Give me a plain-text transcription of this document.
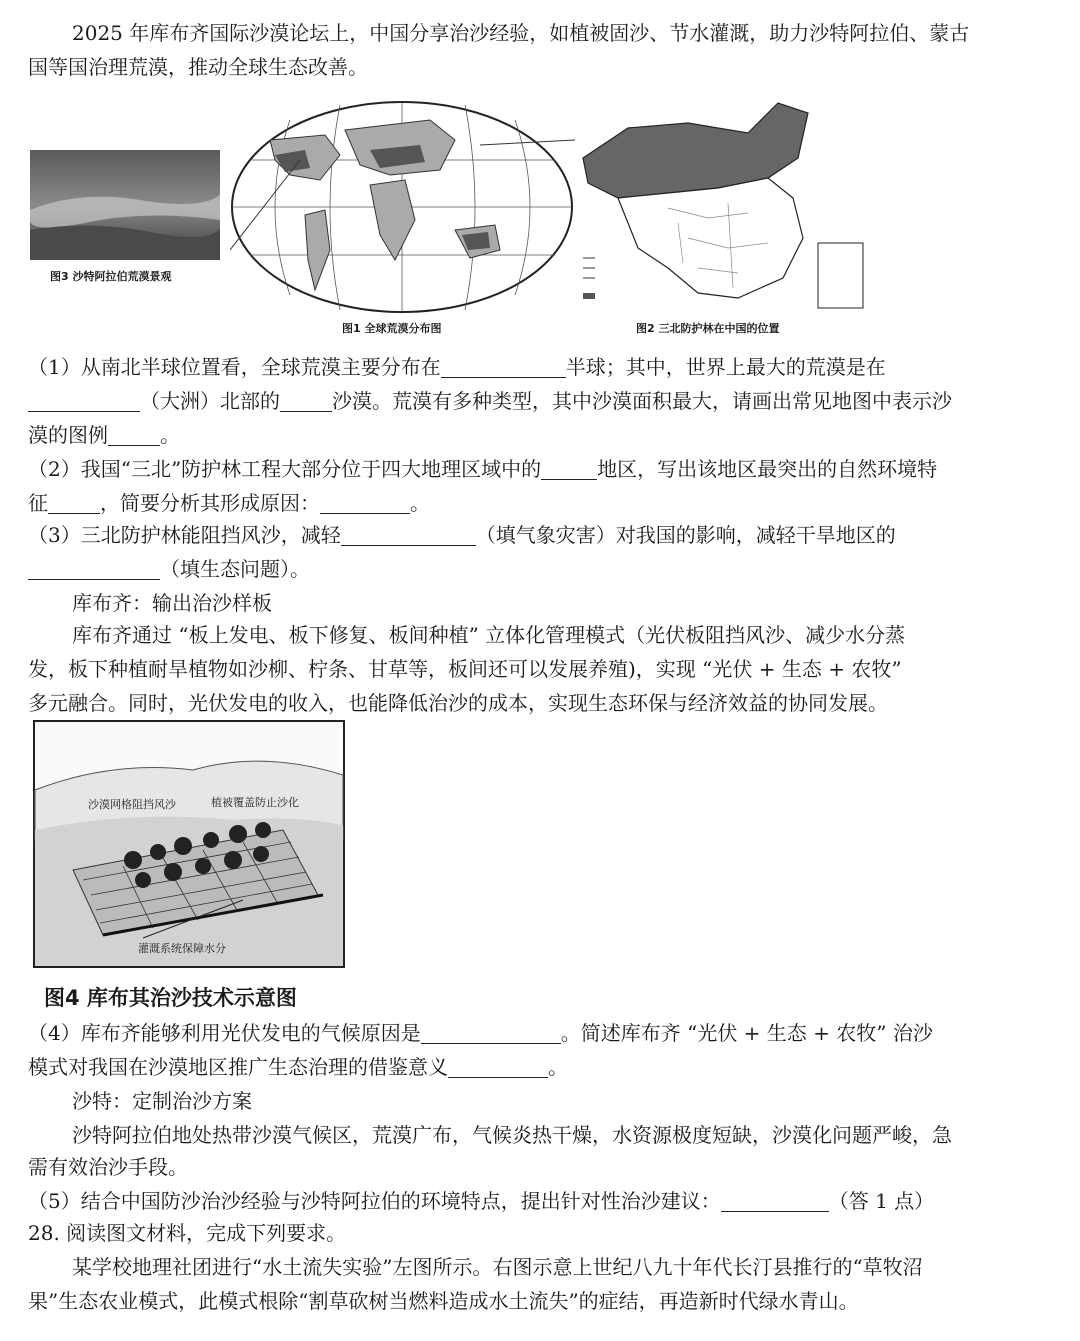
2025 年库布齐国际沙漠论坛上，中国分享治沙经验，如植被固沙、节水灌溉，助力沙特阿拉伯、蒙古
国等国治理荒漠，推动全球生态改善。
图3 沙特阿拉伯荒漠景观
图1 全球荒漠分布图	图2 三北防护林在中国的位置
（1）从南北半球位置看，全球荒漠主要分布在	半球；其中，世界上最大的荒漠是在
（大洲）北部的	沙漠。荒漠有多种类型，其中沙漠面积最大，请画出常见地图中表示沙
漠的图例	。
（2）我国“三北”防护林工程大部分位于四大地理区域中的	地区，写出该地区最突出的自然环境特
征	，简要分析其形成原因：	。
（3）三北防护林能阻挡风沙，减轻	（填气象灾害）对我国的影响，减轻干旱地区的
（填生态问题）。
库布齐：输出治沙样板
库布齐通过 “板上发电、板下修复、板间种植” 立体化管理模式（光伏板阻挡风沙、减少水分蒸
发，板下种植耐旱植物如沙柳、柠条、甘草等，板间还可以发展养殖)，实现 “光伏 + 生态 + 农牧”
多元融合。同时，光伏发电的收入，也能降低治沙的成本，实现生态环保与经济效益的协同发展。
沙漠网格阻挡风沙	植被覆盖防止沙化
灌溉系统保障水分
图4 库布其治沙技术示意图
（4）库布齐能够利用光伏发电的气候原因是	。简述库布齐 “光伏 + 生态 + 农牧” 治沙
模式对我国在沙漠地区推广生态治理的借鉴意义	。
沙特：定制治沙方案
沙特阿拉伯地处热带沙漠气候区，荒漠广布，气候炎热干燥，水资源极度短缺，沙漠化问题严峻，急
需有效治沙手段。
（5）结合中国防沙治沙经验与沙特阿拉伯的环境特点，提出针对性治沙建议：	（答 1 点）
28. 阅读图文材料，完成下列要求。
某学校地理社团进行“水土流失实验”左图所示。右图示意上世纪八九十年代长汀县推行的“草牧沼
果”生态农业模式，此模式根除“割草砍树当燃料造成水土流失”的症结，再造新时代绿水青山。
